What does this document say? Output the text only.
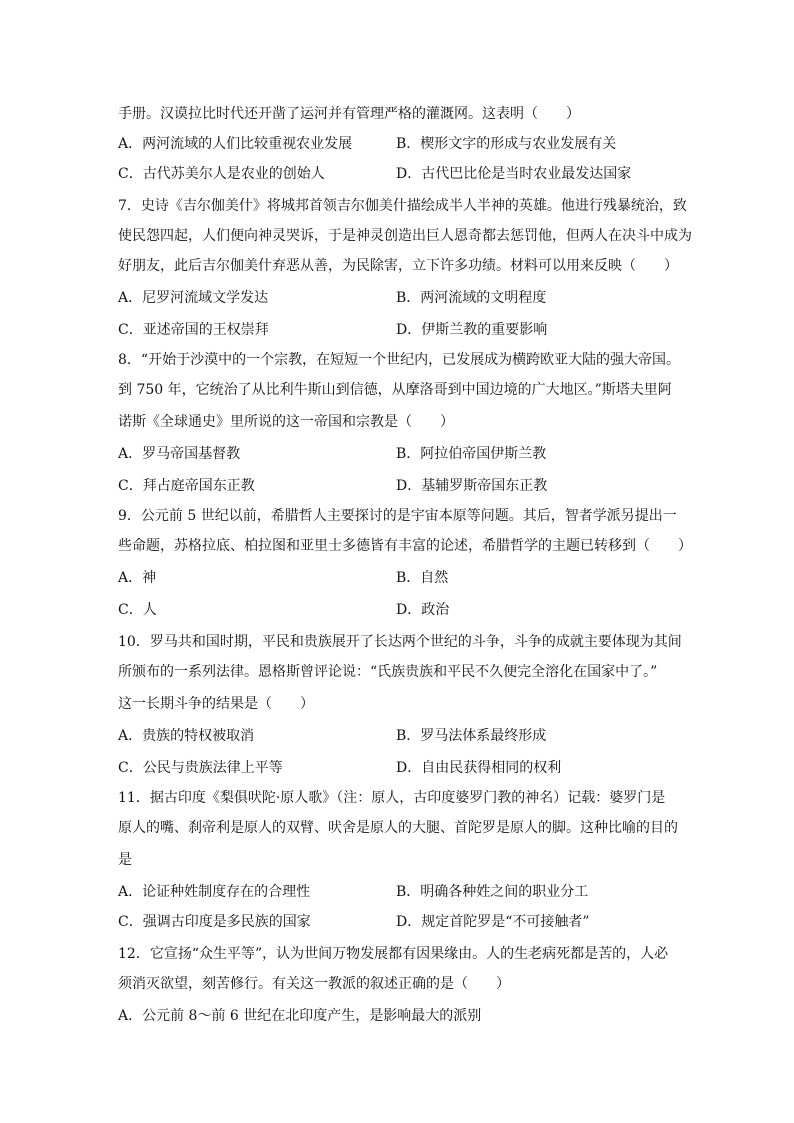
手册。汉谟拉比时代还开凿了运河并有管理严格的灌溉网。这表明（　　）
A．两河流域的人们比较重视农业发展	B．楔形文字的形成与农业发展有关
C．古代苏美尔人是农业的创始人	D．古代巴比伦是当时农业最发达国家
7．史诗《吉尔伽美什》将城邦首领吉尔伽美什描绘成半人半神的英雄。他进行残暴统治，致
使民怨四起，人们便向神灵哭诉，于是神灵创造出巨人恩奇都去惩罚他，但两人在决斗中成为
好朋友，此后吉尔伽美什弃恶从善，为民除害，立下许多功绩。材料可以用来反映（　　）
A．尼罗河流域文学发达	B．两河流域的文明程度
C．亚述帝国的王权崇拜	D．伊斯兰教的重要影响
8．“开始于沙漠中的一个宗教，在短短一个世纪内，已发展成为横跨欧亚大陆的强大帝国。
到 750 年，它统治了从比利牛斯山到信德，从摩洛哥到中国边境的广大地区。”斯塔夫里阿
诺斯《全球通史》里所说的这一帝国和宗教是（　　）
A．罗马帝国基督教	B．阿拉伯帝国伊斯兰教
C．拜占庭帝国东正教	D．基辅罗斯帝国东正教
9．公元前 5 世纪以前，希腊哲人主要探讨的是宇宙本原等问题。其后，智者学派另提出一
些命题，苏格拉底、柏拉图和亚里士多德皆有丰富的论述，希腊哲学的主题已转移到（　　）
A．神	B．自然
C．人	D．政治
10．罗马共和国时期，平民和贵族展开了长达两个世纪的斗争，斗争的成就主要体现为其间
所颁布的一系列法律。恩格斯曾评论说：“氏族贵族和平民不久便完全溶化在国家中了。”
这一长期斗争的结果是（　　）
A．贵族的特权被取消	B．罗马法体系最终形成
C．公民与贵族法律上平等	D．自由民获得相同的权利
11．据古印度《梨俱吠陀·原人歌》（注：原人，古印度婆罗门教的神名）记载：婆罗门是
原人的嘴、刹帝利是原人的双臂、吠舍是原人的大腿、首陀罗是原人的脚。这种比喻的目的
是
A．论证种姓制度存在的合理性	B．明确各种姓之间的职业分工
C．强调古印度是多民族的国家	D．规定首陀罗是“不可接触者”
12．它宣扬“众生平等”，认为世间万物发展都有因果缘由。人的生老病死都是苦的，人必
须消灭欲望，刻苦修行。有关这一教派的叙述正确的是（　　）
A．公元前 8～前 6 世纪在北印度产生，是影响最大的派别
